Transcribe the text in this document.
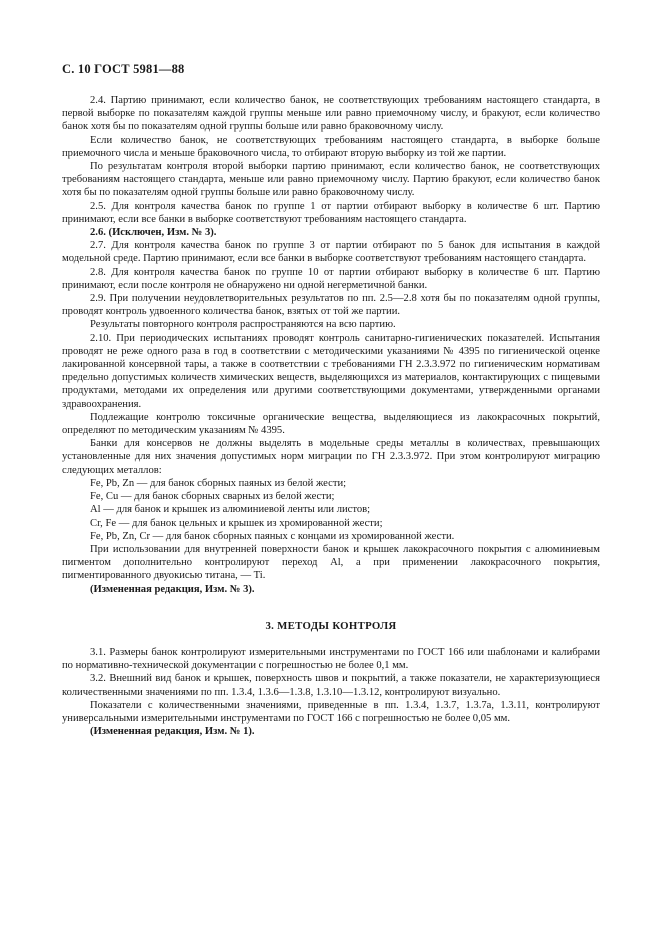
С. 10 ГОСТ 5981—88

2.4. Партию принимают, если количество банок, не соответствующих требованиям настоящего стандарта, в первой выборке по показателям каждой группы меньше или равно приемочному числу, и бракуют, если количество банок хотя бы по показателям одной группы больше или равно браковочному числу.

Если количество банок, не соответствующих требованиям настоящего стандарта, в выборке больше приемочного числа и меньше браковочного числа, то отбирают вторую выборку из той же партии.

По результатам контроля второй выборки партию принимают, если количество банок, не соответствующих требованиям настоящего стандарта, меньше или равно приемочному числу. Партию бракуют, если количество банок хотя бы по показателям одной группы больше или равно браковочному числу.

2.5. Для контроля качества банок по группе 1 от партии отбирают выборку в количестве 6 шт. Партию принимают, если все банки в выборке соответствуют требованиям настоящего стандарта.

2.6. (Исключен, Изм. № 3).

2.7. Для контроля качества банок по группе 3 от партии отбирают по 5 банок для испытания в каждой модельной среде. Партию принимают, если все банки в выборке соответствуют требованиям настоящего стандарта.

2.8. Для контроля качества банок по группе 10 от партии отбирают выборку в количестве 6 шт. Партию принимают, если после контроля не обнаружено ни одной негерметичной банки.

2.9. При получении неудовлетворительных результатов по пп. 2.5—2.8 хотя бы по показателям одной группы, проводят контроль удвоенного количества банок, взятых от той же партии.

Результаты повторного контроля распространяются на всю партию.

2.10. При периодических испытаниях проводят контроль санитарно-гигиенических показателей. Испытания проводят не реже одного раза в год в соответствии с методическими указаниями № 4395 по гигиенической оценке лакированной консервной тары, а также в соответствии с требованиями ГН 2.3.3.972 по гигиеническим нормативам предельно допустимых количеств химических веществ, выделяющихся из материалов, контактирующих с пищевыми продуктами, методами их определения или другими соответствующими документами, утвержденными органами здравоохранения.

Подлежащие контролю токсичные органические вещества, выделяющиеся из лакокрасочных покрытий, определяют по методическим указаниям № 4395.

Банки для консервов не должны выделять в модельные среды металлы в количествах, превышающих установленные для них значения допустимых норм миграции по ГН 2.3.3.972. При этом контролируют миграцию следующих металлов:

Fe, Pb, Zn — для банок сборных паяных из белой жести;

Fe, Cu — для банок сборных сварных из белой жести;

Al — для банок и крышек из алюминиевой ленты или листов;

Cr, Fe — для банок цельных и крышек из хромированной жести;

Fe, Pb, Zn, Cr — для банок сборных паяных с концами из хромированной жести.

При использовании для внутренней поверхности банок и крышек лакокрасочного покрытия с алюминиевым пигментом дополнительно контролируют переход Al, а при применении лакокрасочного покрытия, пигментированного двуокисью титана, — Ti.

(Измененная редакция, Изм. № 3).

3. МЕТОДЫ КОНТРОЛЯ

3.1. Размеры банок контролируют измерительными инструментами по ГОСТ 166 или шаблонами и калибрами по нормативно-технической документации с погрешностью не более 0,1 мм.

3.2. Внешний вид банок и крышек, поверхность швов и покрытий, а также показатели, не характеризующиеся количественными значениями по пп. 1.3.4, 1.3.6—1.3.8, 1.3.10—1.3.12, контролируют визуально.

Показатели с количественными значениями, приведенные в пп. 1.3.4, 1.3.7, 1.3.7а, 1.3.11, контролируют универсальными измерительными инструментами по ГОСТ 166 с погрешностью не более 0,05 мм.

(Измененная редакция, Изм. № 1).
